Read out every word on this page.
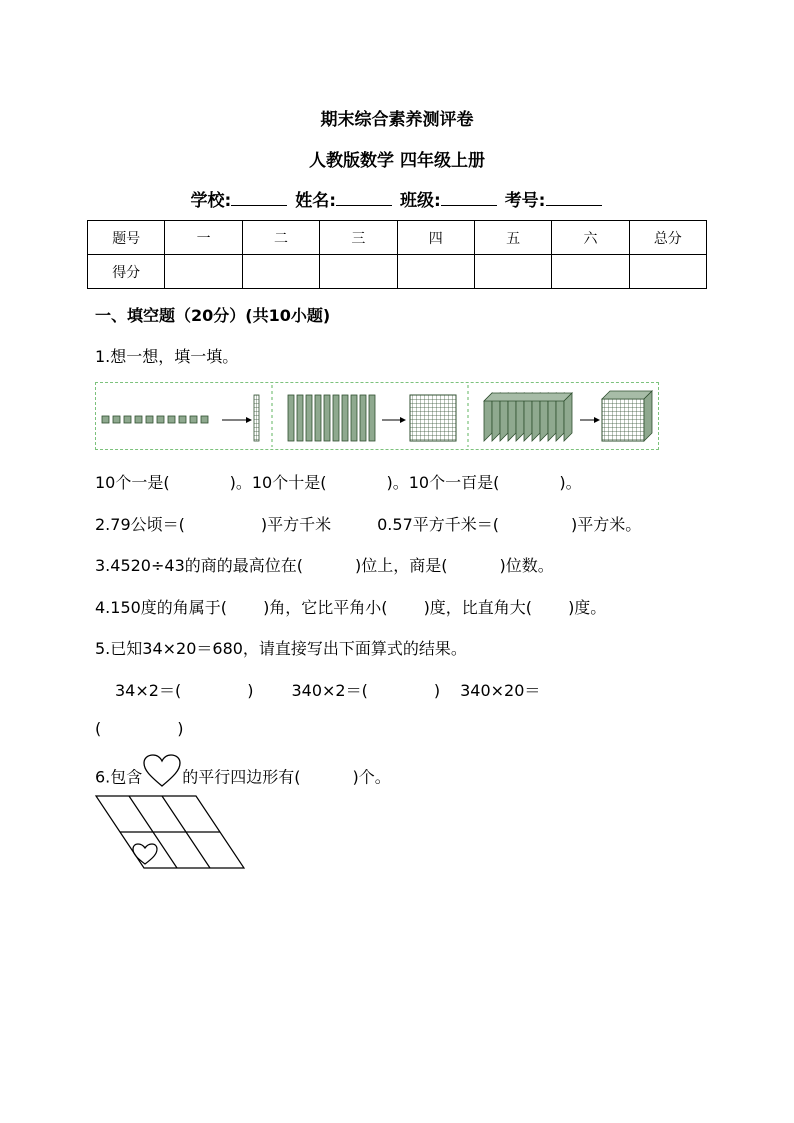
期末综合素养测评卷
人教版数学 四年级上册
学校:	姓名:	班级:	考号:
题号	一	二	三	四	五	六	总分
得分							
一、填空题（20分）(共10小题)
1.想一想，填一填。
10个一是(	)。10个十是(	)。10个一百是(	)。
2.79公顷＝(	)平方千米	0.57平方千米＝(	)平方米。
3.4520÷43的商的最高位在(	)位上，商是(	)位数。
4.150度的角属于( )角，它比平角小( )度，比直角大( )度。
5.已知34×20＝680，请直接写出下面算式的结果。
34×2＝(	) 340×2＝(	) 340×20＝
(	)
6.包含	的平行四边形有(	)个。
